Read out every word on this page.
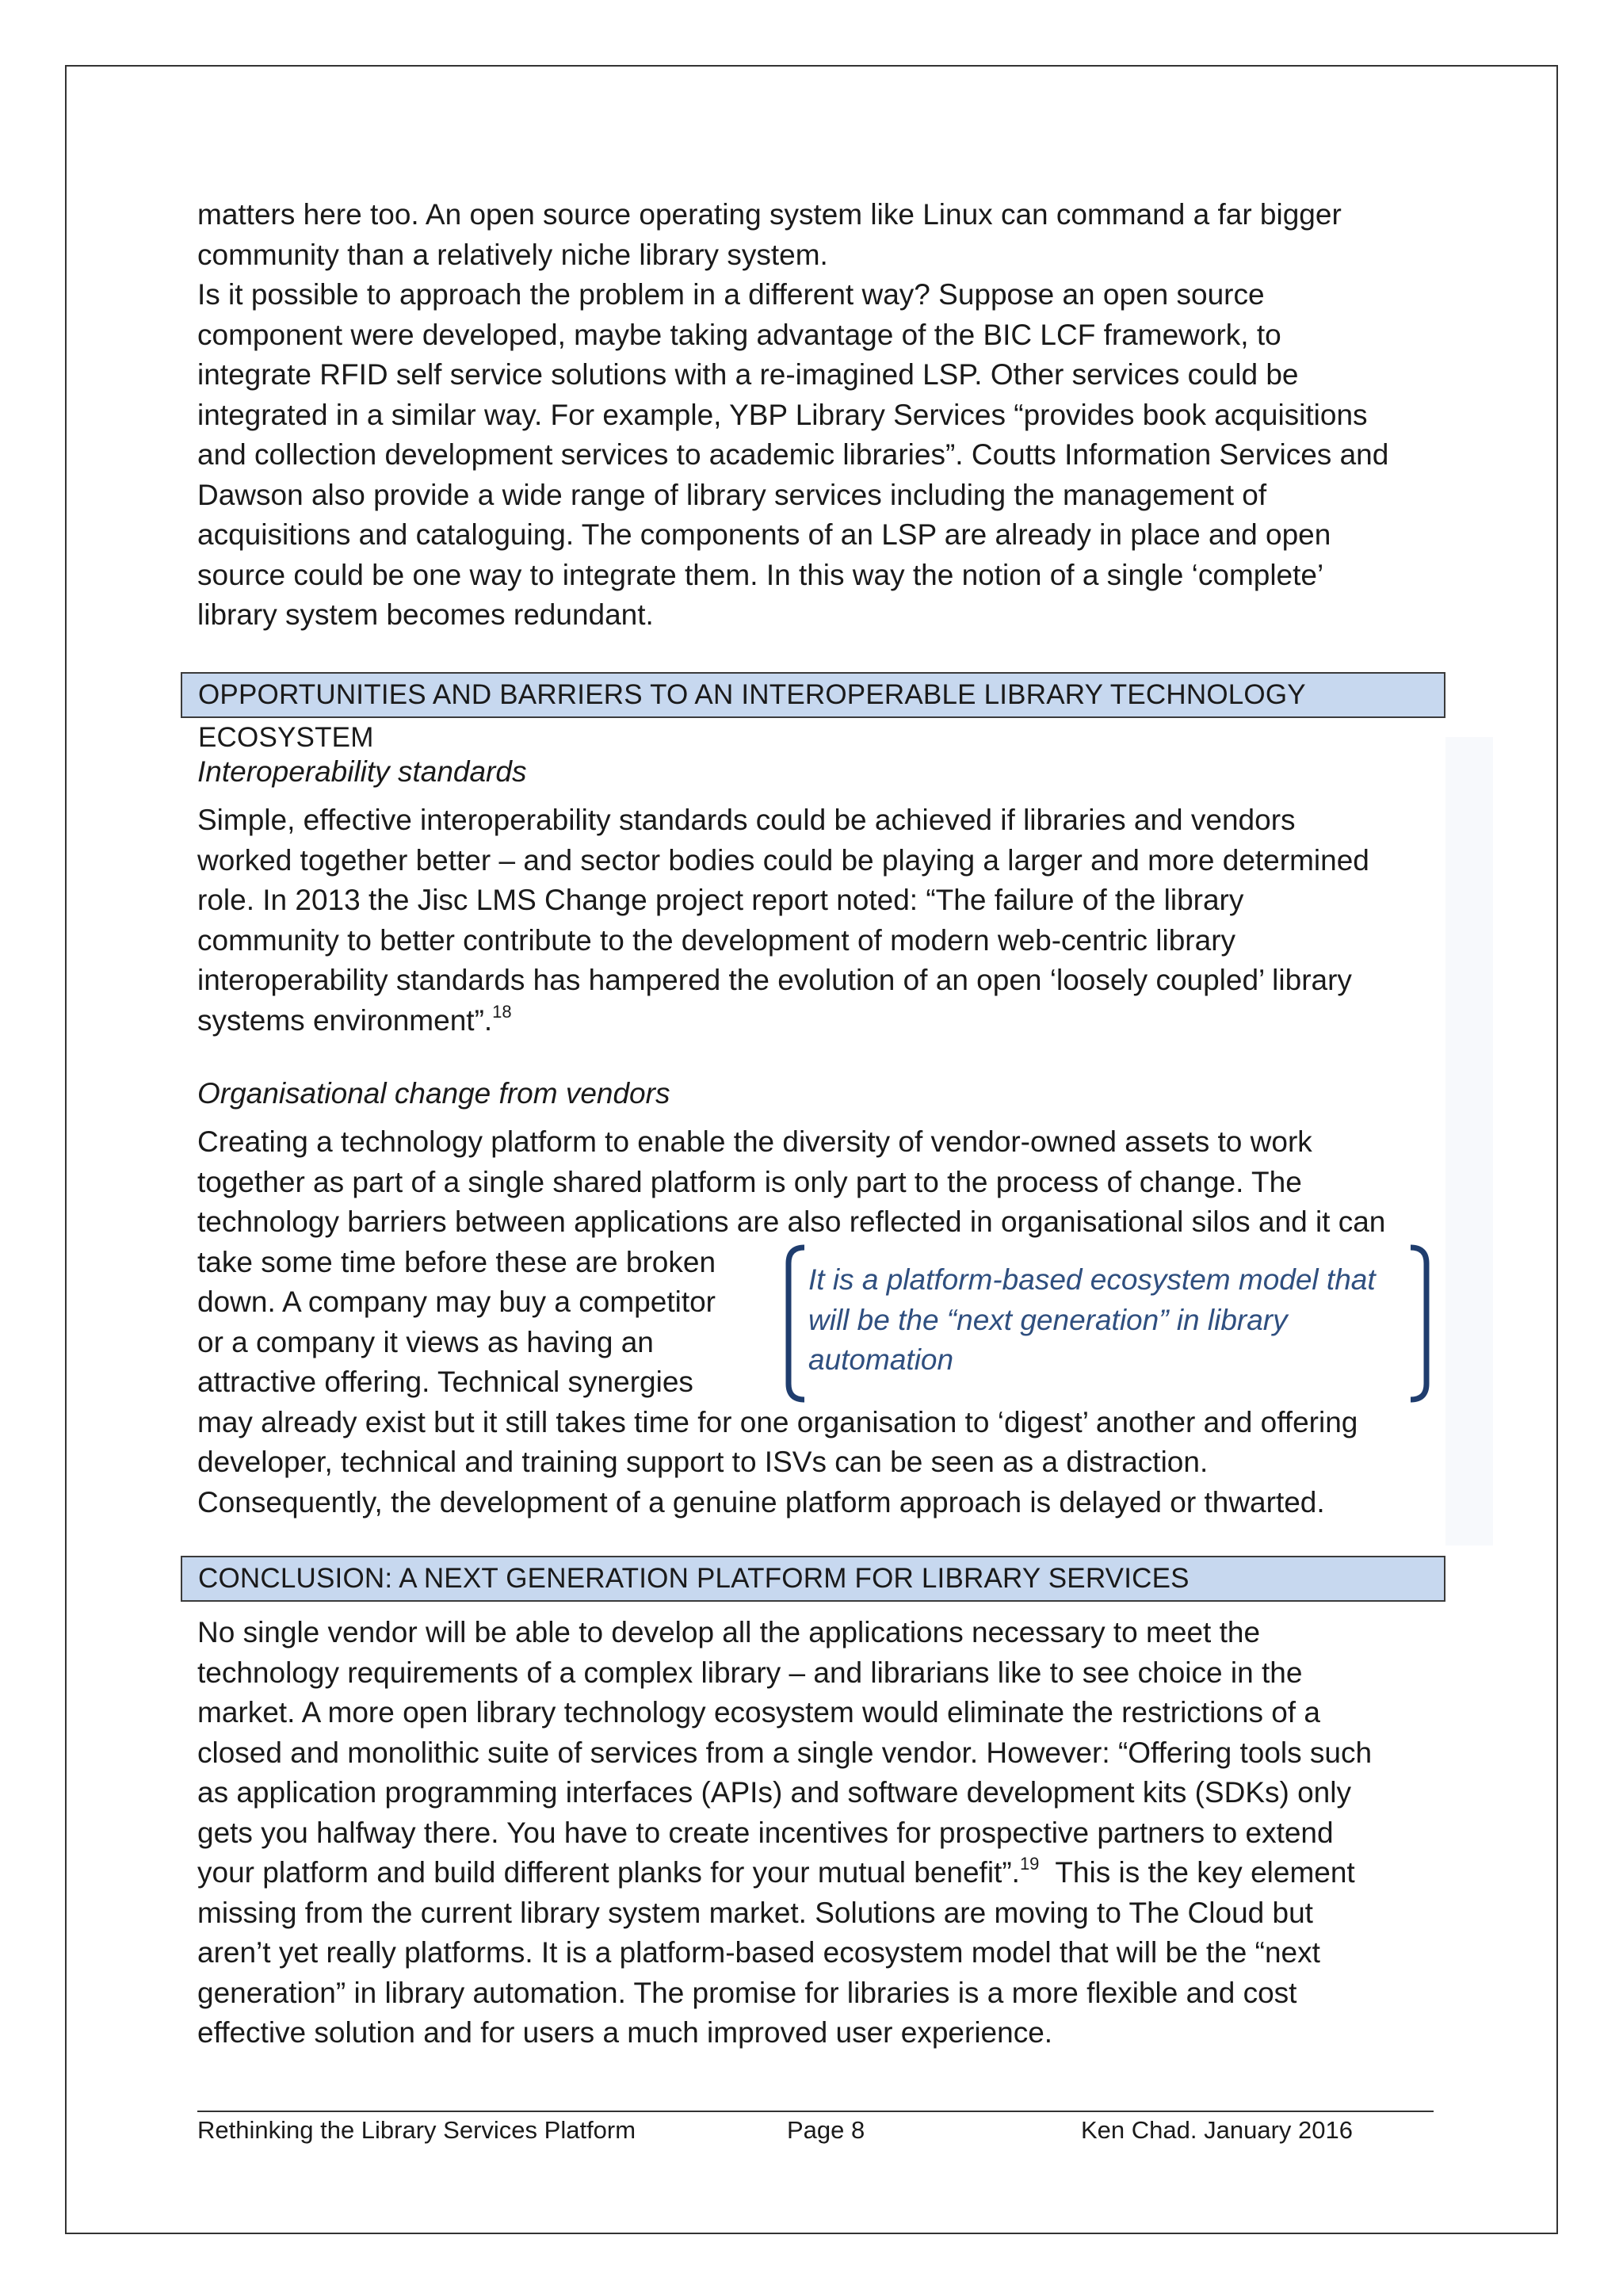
matters here too. An open source operating system like Linux can command a far bigger

community than a relatively niche library system.

Is it possible to approach the problem in a different way? Suppose an open source

component were developed, maybe taking advantage of the BIC LCF framework, to

integrate RFID self service solutions with a re-imagined LSP. Other services could be

integrated in a similar way. For example, YBP Library Services “provides book acquisitions

and collection development services to academic libraries”. Coutts Information Services and

Dawson also provide a wide range of library services including the management of

acquisitions and cataloguing. The components of an LSP are already in place and open

source could be one way to integrate them. In this way the notion of a single ‘complete’

library system becomes redundant.

OPPORTUNITIES AND BARRIERS TO AN INTEROPERABLE LIBRARY TECHNOLOGY ECOSYSTEM

Interoperability standards

Simple, effective interoperability standards could be achieved if libraries and vendors

worked together better – and sector bodies could be playing a larger and more determined

role. In 2013 the Jisc LMS Change project report noted: “The failure of the library

community to better contribute to the development of modern web-centric library

interoperability standards has hampered the evolution of an open ‘loosely coupled’ library

systems environment”.$^{18}$

Organisational change from vendors

Creating a technology platform to enable the diversity of vendor-owned assets to work

together as part of a single shared platform is only part to the process of change. The

technology barriers between applications are also reflected in organisational silos and it can

take some time before these are broken

down. A company may buy a competitor

or a company it views as having an

attractive offering. Technical synergies

may already exist but it still takes time for one organisation to ‘digest’ another and offering

developer, technical and training support to ISVs can be seen as a distraction.

Consequently, the development of a genuine platform approach is delayed or thwarted.

It is a platform-based ecosystem model that
will be the “next generation” in library
automation
CONCLUSION: A NEXT GENERATION PLATFORM FOR LIBRARY SERVICES

No single vendor will be able to develop all the applications necessary to meet the

technology requirements of a complex library – and librarians like to see choice in the

market. A more open library technology ecosystem would eliminate the restrictions of a

closed and monolithic suite of services from a single vendor. However: “Offering tools such

as application programming interfaces (APIs) and software development kits (SDKs) only

gets you halfway there. You have to create incentives for prospective partners to extend

your platform and build different planks for your mutual benefit”.$^{19}$  This is the key element

missing from the current library system market. Solutions are moving to The Cloud but

aren’t yet really platforms. It is a platform-based ecosystem model that will be the “next

generation” in library automation. The promise for libraries is a more flexible and cost

effective solution and for users a much improved user experience.

Rethinking the Library Services Platform	Page 8	Ken Chad. January 2016
